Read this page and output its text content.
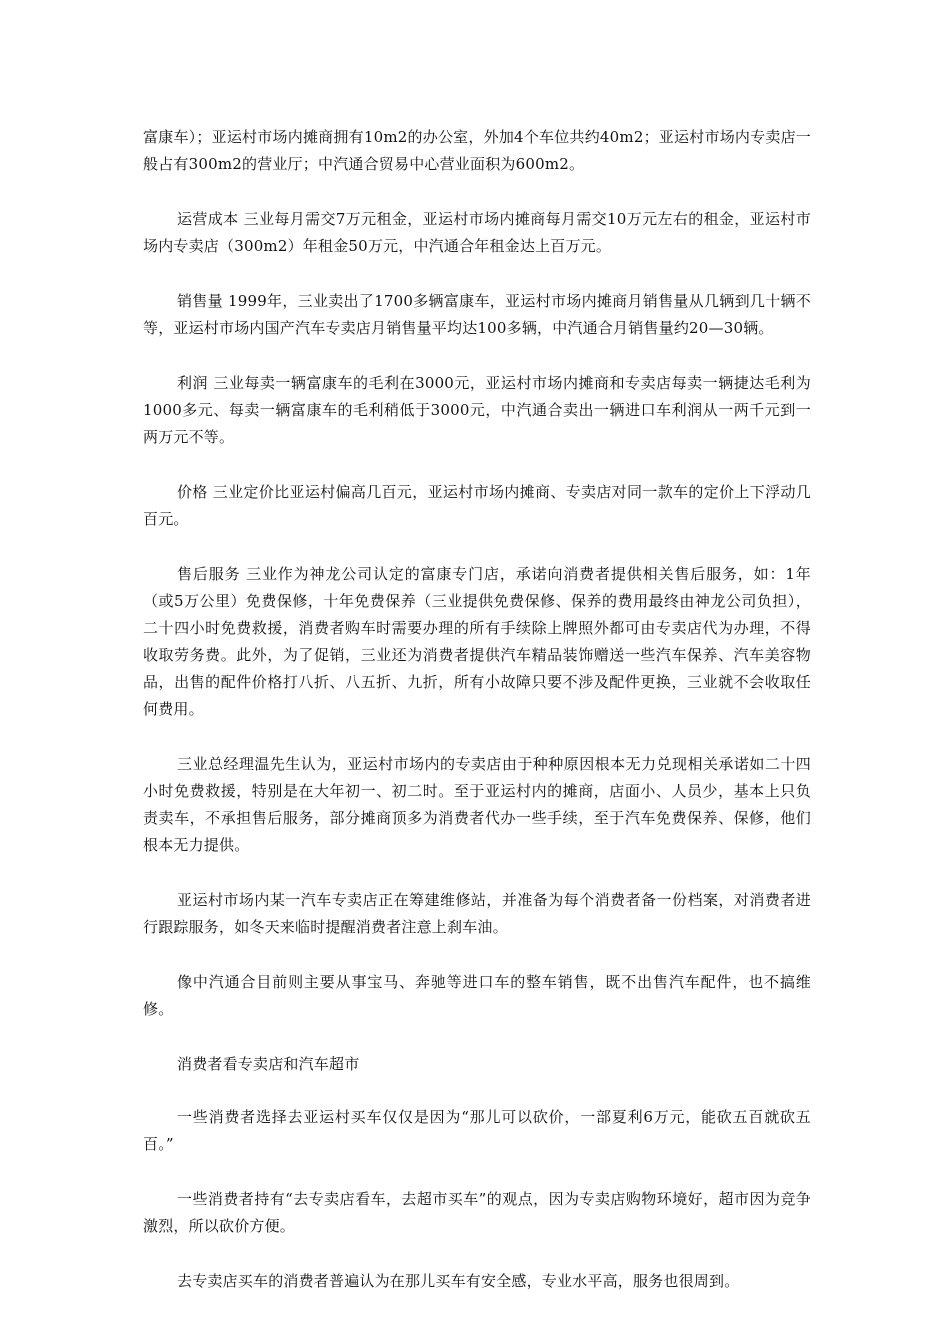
富康车）；亚运村市场内摊商拥有10m2的办公室，外加4个车位共约40m2；亚运村市场内专卖店一般占有300m2的营业厅；中汽通合贸易中心营业面积为600m2。

运营成本 三业每月需交7万元租金，亚运村市场内摊商每月需交10万元左右的租金，亚运村市场内专卖店（300m2）年租金50万元，中汽通合年租金达上百万元。

销售量 1999年，三业卖出了1700多辆富康车，亚运村市场内摊商月销售量从几辆到几十辆不等，亚运村市场内国产汽车专卖店月销售量平均达100多辆，中汽通合月销售量约20—30辆。

利润 三业每卖一辆富康车的毛利在3000元，亚运村市场内摊商和专卖店每卖一辆捷达毛利为1000多元、每卖一辆富康车的毛利稍低于3000元，中汽通合卖出一辆进口车利润从一两千元到一两万元不等。

价格 三业定价比亚运村偏高几百元，亚运村市场内摊商、专卖店对同一款车的定价上下浮动几百元。

售后服务 三业作为神龙公司认定的富康专门店，承诺向消费者提供相关售后服务，如：1年（或5万公里）免费保修，十年免费保养（三业提供免费保修、保养的费用最终由神龙公司负担），二十四小时免费救援，消费者购车时需要办理的所有手续除上牌照外都可由专卖店代为办理，不得收取劳务费。此外，为了促销，三业还为消费者提供汽车精品装饰赠送一些汽车保养、汽车美容物品，出售的配件价格打八折、八五折、九折，所有小故障只要不涉及配件更换，三业就不会收取任何费用。

三业总经理温先生认为，亚运村市场内的专卖店由于种种原因根本无力兑现相关承诺如二十四小时免费救援，特别是在大年初一、初二时。至于亚运村内的摊商，店面小、人员少，基本上只负责卖车，不承担售后服务，部分摊商顶多为消费者代办一些手续，至于汽车免费保养、保修，他们根本无力提供。

亚运村市场内某一汽车专卖店正在筹建维修站，并准备为每个消费者备一份档案，对消费者进行跟踪服务，如冬天来临时提醒消费者注意上刹车油。

像中汽通合目前则主要从事宝马、奔驰等进口车的整车销售，既不出售汽车配件，也不搞维修。

消费者看专卖店和汽车超市

一些消费者选择去亚运村买车仅仅是因为“那儿可以砍价，一部夏利6万元，能砍五百就砍五百。”

一些消费者持有“去专卖店看车，去超市买车”的观点，因为专卖店购物环境好，超市因为竞争激烈，所以砍价方便。

去专卖店买车的消费者普遍认为在那儿买车有安全感，专业水平高，服务也很周到。
